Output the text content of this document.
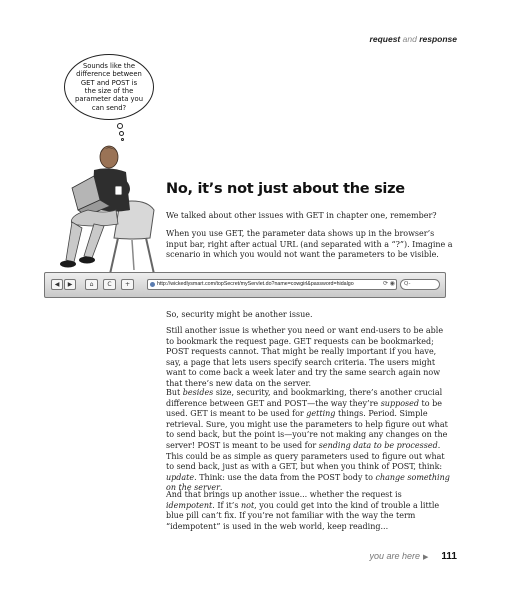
request and response
Sounds like the difference between GET and POST is the size of the parameter data you can send?
No, it’s not just about the size
We talked about other issues with GET in chapter one, remember?
When you use GET, the parameter data shows up in the browser’s input bar, right after actual URL (and separated with a “?”). Imagine a scenario in which you would not want the parameters to be visible.
◀	▶	⌂	C	+	http://wickedlysmart.com/topSecret/myServlet.do?name=cowgirl&password=hidalgo	⟳ ◉	Q-
So, security might be another issue.
Still another issue is whether you need or want end-users to be able to bookmark the request page. GET requests can be bookmarked; POST requests cannot. That might be really important if you have, say, a page that lets users specify search criteria. The users might want to come back a week later and try the same search again now that there’s new data on the server.
But besides size, security, and bookmarking, there’s another crucial difference between GET and POST—the way they’re supposed to be used. GET is meant to be used for getting things. Period. Simple retrieval. Sure, you might use the parameters to help figure out what to send back, but the point is—you’re not making any changes on the server! POST is meant to be used for sending data to be processed. This could be as simple as query parameters used to figure out what to send back, just as with a GET, but when you think of POST, think: update. Think: use the data from the POST body to change something on the server.
And that brings up another issue... whether the request is idempotent. If it’s not, you could get into the kind of trouble a little blue pill can’t fix. If you’re not familiar with the way the term “idempotent” is used in the web world, keep reading...
you are here ▶ 111
